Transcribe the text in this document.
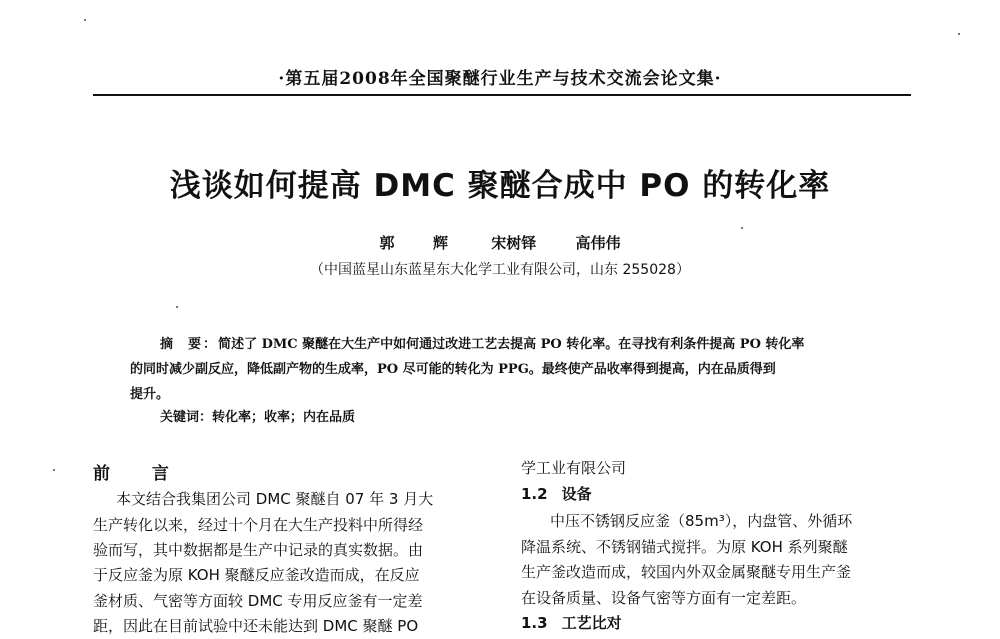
·第五届2008年全国聚醚行业生产与技术交流会论文集·
浅谈如何提高 DMC 聚醚合成中 PO 的转化率
郭  辉	宋树铎	高伟伟
（中国蓝星山东蓝星东大化学工业有限公司，山东 255028）
摘  要：简述了 DMC 聚醚在大生产中如何通过改进工艺去提高 PO 转化率。在寻找有利条件提高 PO 转化率
的同时减少副反应，降低副产物的生成率，PO 尽可能的转化为 PPG。最终使产品收率得到提高，内在品质得到
提升。
关键词：转化率；收率；内在品质
前  言
本文结合我集团公司 DMC 聚醚自 07 年 3 月大
生产转化以来，经过十个月在大生产投料中所得经
验而写，其中数据都是生产中记录的真实数据。由
于反应釜为原 KOH 聚醚反应釜改造而成，在反应
釜材质、气密等方面较 DMC 专用反应釜有一定差
距，因此在目前试验中还未能达到 DMC 聚醚 PO
学工业有限公司
1.2 设备
中压不锈钢反应釜（85m³），内盘管、外循环
降温系统、不锈钢锚式搅拌。为原 KOH 系列聚醚
生产釜改造而成，较国内外双金属聚醚专用生产釜
在设备质量、设备气密等方面有一定差距。
1.3 工艺比对
